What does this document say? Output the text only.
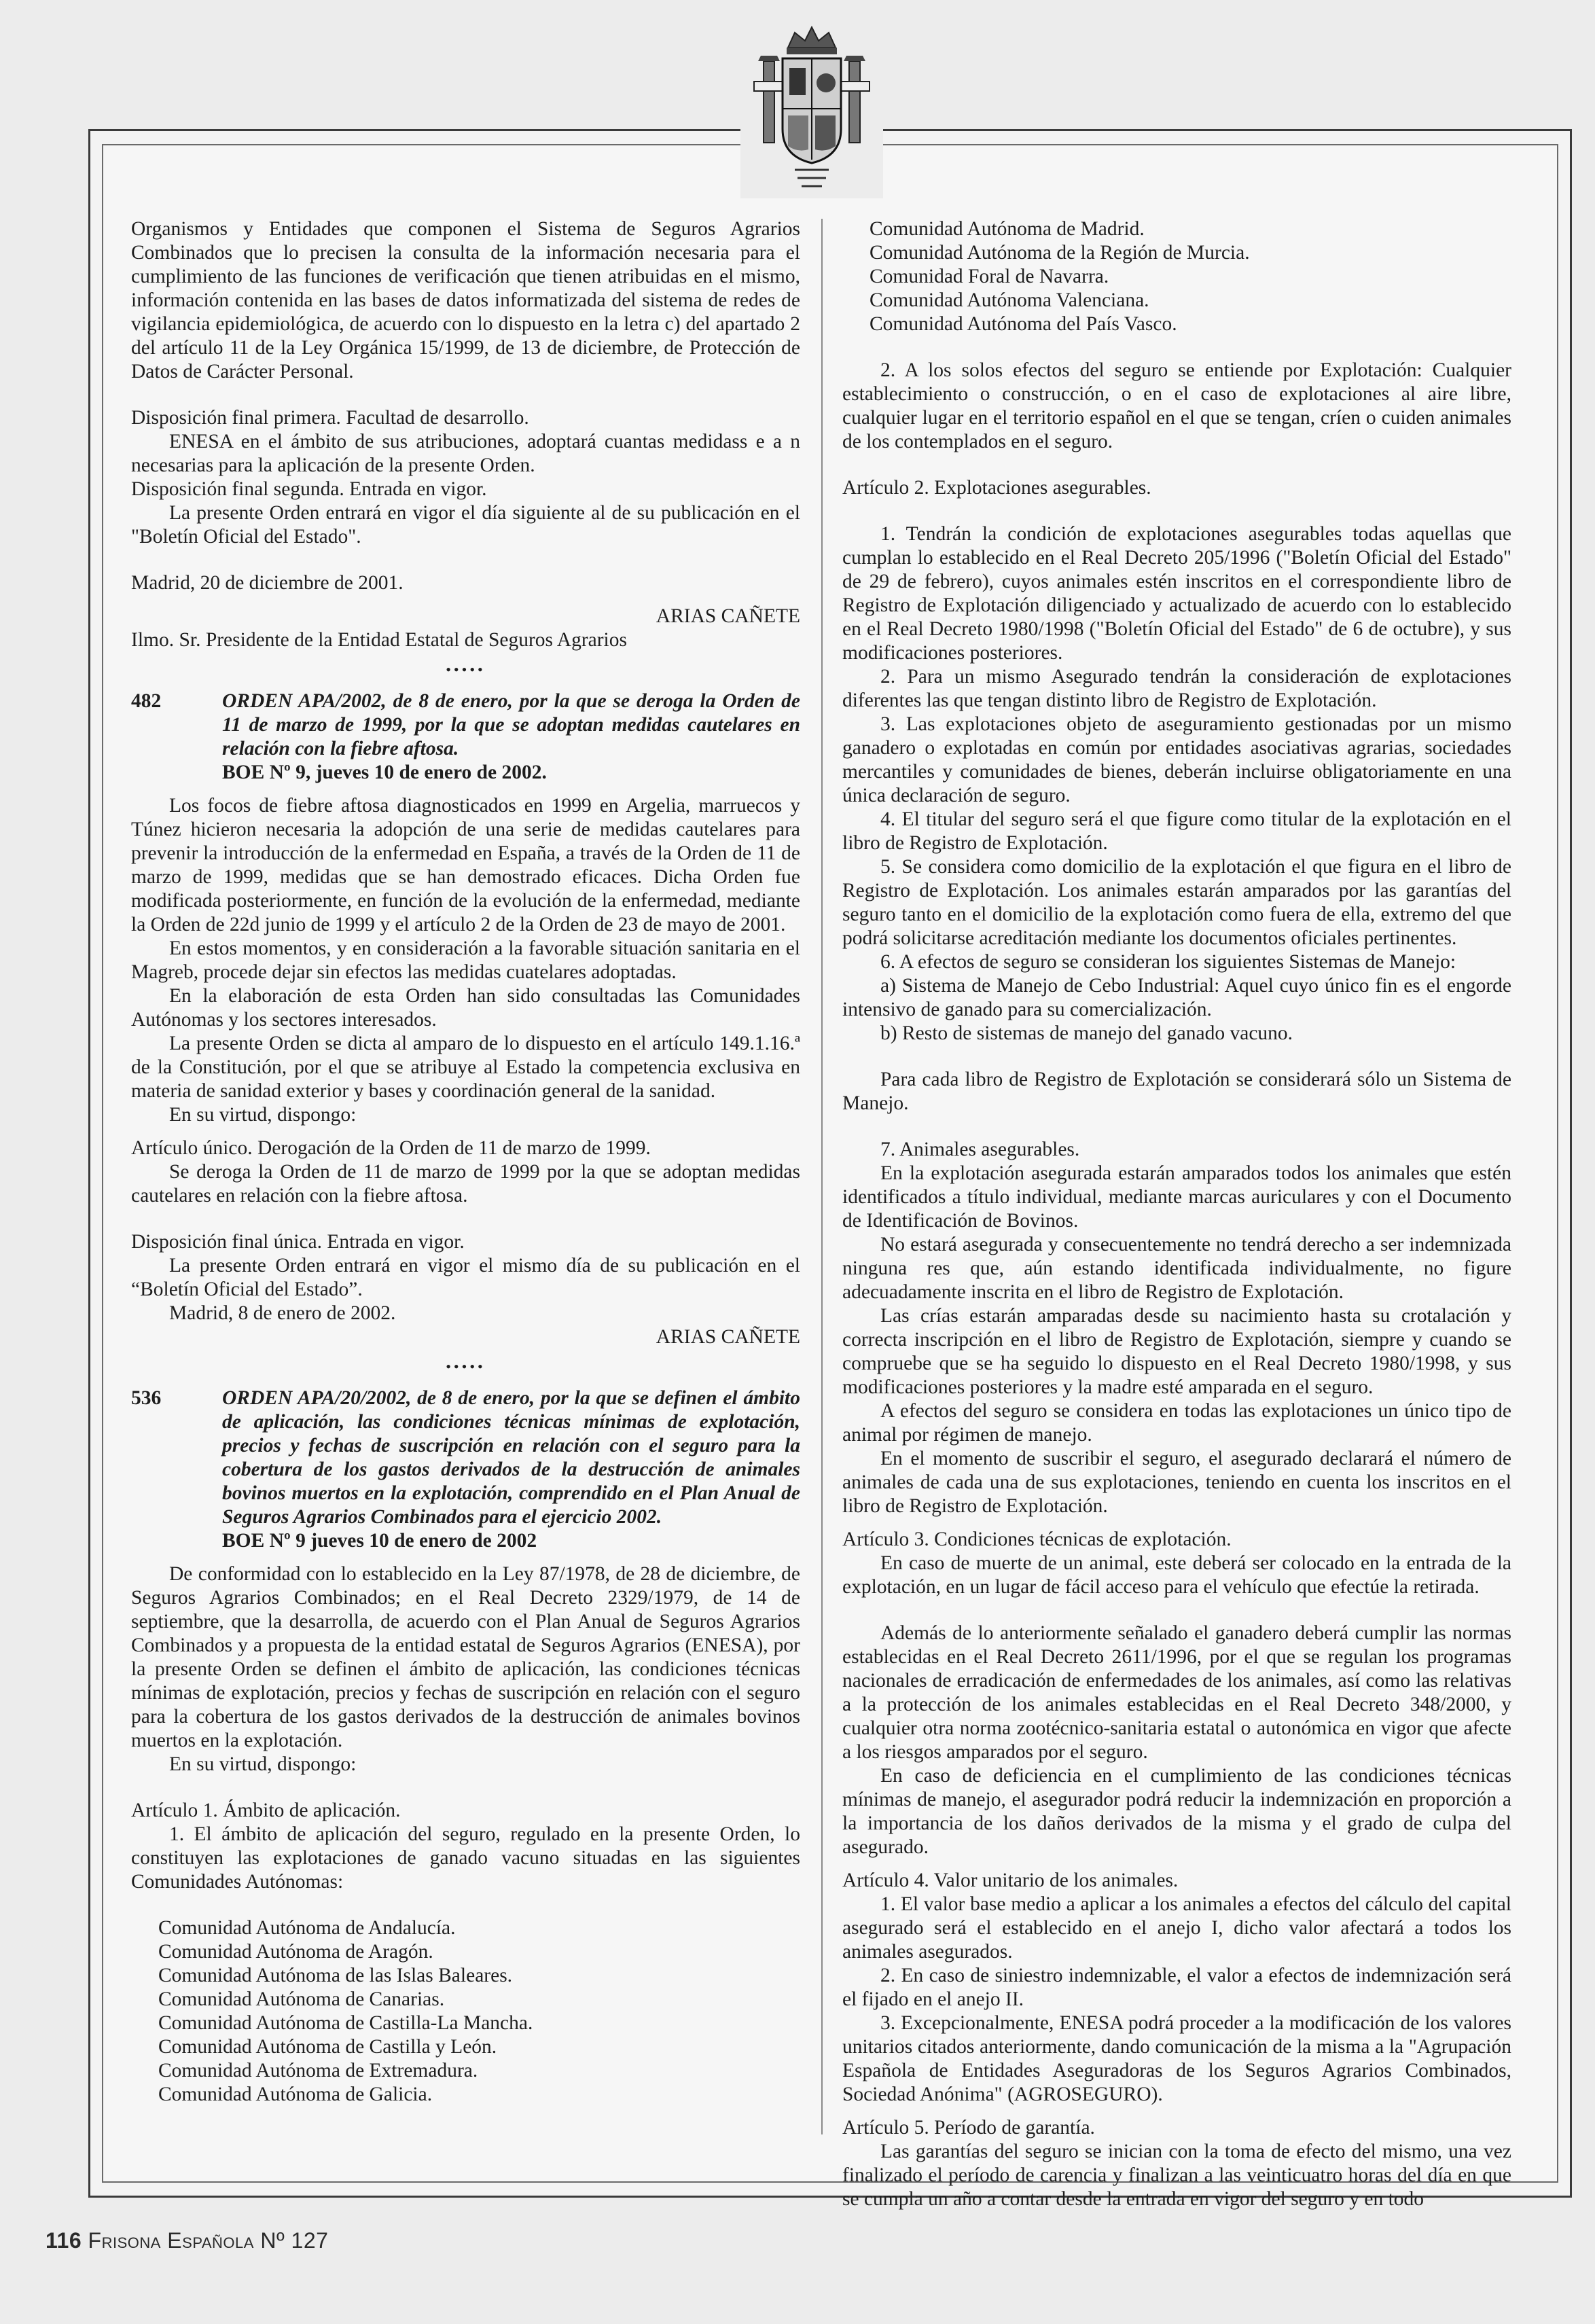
Organismos y Entidades que componen el Sistema de Seguros Agrarios Combinados que lo precisen la consulta de la información necesaria para el cumplimiento de las funciones de verificación que tienen atribuidas en el mismo, información contenida en las bases de datos informatizada del sistema de redes de vigilancia epidemiológica, de acuerdo con lo dispuesto en la letra c) del apartado 2 del artículo 11 de la Ley Orgánica 15/1999, de 13 de diciembre, de Protección de Datos de Carácter Personal.

Disposición final primera. Facultad de desarrollo.

ENESA en el ámbito de sus atribuciones, adoptará cuantas medidass e a n necesarias para la aplicación de la presente Orden.

Disposición final segunda. Entrada en vigor.

La presente Orden entrará en vigor el día siguiente al de su publicación en el "Boletín Oficial del Estado".

Madrid, 20 de diciembre de 2001.

ARIAS CAÑETE

Ilmo. Sr. Presidente de la Entidad Estatal de Seguros Agrarios

•••••

482	ORDEN APA/2002, de 8 de enero, por la que se deroga la Orden de 11 de marzo de 1999, por la que se adoptan medidas cautelares en relación con la fiebre aftosa.

BOE Nº 9, jueves 10 de enero de 2002.

Los focos de fiebre aftosa diagnosticados en 1999 en Argelia, marruecos y Túnez hicieron necesaria la adopción de una serie de medidas cautelares para prevenir la introducción de la enfermedad en España, a través de la Orden de 11 de marzo de 1999, medidas que se han demostrado eficaces. Dicha Orden fue modificada posteriormente, en función de la evolución de la enfermedad, mediante la Orden de 22d junio de 1999 y el artículo 2 de la Orden de 23 de mayo de 2001.

En estos momentos, y en consideración a la favorable situación sanitaria en el Magreb, procede dejar sin efectos las medidas cuatelares adoptadas.

En la elaboración de esta Orden han sido consultadas las Comunidades Autónomas y los sectores interesados.

La presente Orden se dicta al amparo de lo dispuesto en el artículo 149.1.16.ª de la Constitución, por el que se atribuye al Estado la competencia exclusiva en materia de sanidad exterior y bases y coordinación general de la sanidad.

En su virtud, dispongo:

Artículo único. Derogación de la Orden de 11 de marzo de 1999.

Se deroga la Orden de 11 de marzo de 1999 por la que se adoptan medidas cautelares en relación con la fiebre aftosa.

Disposición final única. Entrada en vigor.

La presente Orden entrará en vigor el mismo día de su publicación en el “Boletín Oficial del Estado”.

Madrid, 8 de enero de 2002.

ARIAS CAÑETE

•••••

536	ORDEN APA/20/2002, de 8 de enero, por la que se definen el ámbito de aplicación, las condiciones técnicas mínimas de explotación, precios y fechas de suscripción en relación con el seguro para la cobertura de los gastos derivados de la destrucción de animales bovinos muertos en la explotación, comprendido en el Plan Anual de Seguros Agrarios Combinados para el ejercicio 2002.

BOE Nº 9 jueves 10 de enero de 2002

De conformidad con lo establecido en la Ley 87/1978, de 28 de diciembre, de Seguros Agrarios Combinados; en el Real Decreto 2329/1979, de 14 de septiembre, que la desarrolla, de acuerdo con el Plan Anual de Seguros Agrarios Combinados y a propuesta de la entidad estatal de Seguros Agrarios (ENESA), por la presente Orden se definen el ámbito de aplicación, las condiciones técnicas mínimas de explotación, precios y fechas de suscripción en relación con el seguro para la cobertura de los gastos derivados de la destrucción de animales bovinos muertos en la explotación.

En su virtud, dispongo:

Artículo 1. Ámbito de aplicación.

1. El ámbito de aplicación del seguro, regulado en la presente Orden, lo constituyen las explotaciones de ganado vacuno situadas en las siguientes Comunidades Autónomas:

Comunidad Autónoma de Andalucía.

Comunidad Autónoma de Aragón.

Comunidad Autónoma de las Islas Baleares.

Comunidad Autónoma de Canarias.

Comunidad Autónoma de Castilla-La Mancha.

Comunidad Autónoma de Castilla y León.

Comunidad Autónoma de Extremadura.

Comunidad Autónoma de Galicia.

Comunidad Autónoma de Madrid.

Comunidad Autónoma de la Región de Murcia.

Comunidad Foral de Navarra.

Comunidad Autónoma Valenciana.

Comunidad Autónoma del País Vasco.

2. A los solos efectos del seguro se entiende por Explotación: Cualquier establecimiento o construcción, o en el caso de explotaciones al aire libre, cualquier lugar en el territorio español en el que se tengan, críen o cuiden animales de los contemplados en el seguro.

Artículo 2. Explotaciones asegurables.

1. Tendrán la condición de explotaciones asegurables todas aquellas que cumplan lo establecido en el Real Decreto 205/1996 ("Boletín Oficial del Estado" de 29 de febrero), cuyos animales estén inscritos en el correspondiente libro de Registro de Explotación diligenciado y actualizado de acuerdo con lo establecido en el Real Decreto 1980/1998 ("Boletín Oficial del Estado" de 6 de octubre), y sus modificaciones posteriores.

2. Para un mismo Asegurado tendrán la consideración de explotaciones diferentes las que tengan distinto libro de Registro de Explotación.

3. Las explotaciones objeto de aseguramiento gestionadas por un mismo ganadero o explotadas en común por entidades asociativas agrarias, sociedades mercantiles y comunidades de bienes, deberán incluirse obligatoriamente en una única declaración de seguro.

4. El titular del seguro será el que figure como titular de la explotación en el libro de Registro de Explotación.

5. Se considera como domicilio de la explotación el que figura en el libro de Registro de Explotación. Los animales estarán amparados por las garantías del seguro tanto en el domicilio de la explotación como fuera de ella, extremo del que podrá solicitarse acreditación mediante los documentos oficiales pertinentes.

6. A efectos de seguro se consideran los siguientes Sistemas de Manejo:

a) Sistema de Manejo de Cebo Industrial: Aquel cuyo único fin es el engorde intensivo de ganado para su comercialización.

b) Resto de sistemas de manejo del ganado vacuno.

Para cada libro de Registro de Explotación se considerará sólo un Sistema de Manejo.

7. Animales asegurables.

En la explotación asegurada estarán amparados todos los animales que estén identificados a título individual, mediante marcas auriculares y con el Documento de Identificación de Bovinos.

No estará asegurada y consecuentemente no tendrá derecho a ser indemnizada ninguna res que, aún estando identificada individualmente, no figure adecuadamente inscrita en el libro de Registro de Explotación.

Las crías estarán amparadas desde su nacimiento hasta su crotalación y correcta inscripción en el libro de Registro de Explotación, siempre y cuando se compruebe que se ha seguido lo dispuesto en el Real Decreto 1980/1998, y sus modificaciones posteriores y la madre esté amparada en el seguro.

A efectos del seguro se considera en todas las explotaciones un único tipo de animal por régimen de manejo.

En el momento de suscribir el seguro, el asegurado declarará el número de animales de cada una de sus explotaciones, teniendo en cuenta los inscritos en el libro de Registro de Explotación.

Artículo 3. Condiciones técnicas de explotación.

En caso de muerte de un animal, este deberá ser colocado en la entrada de la explotación, en un lugar de fácil acceso para el vehículo que efectúe la retirada.

Además de lo anteriormente señalado el ganadero deberá cumplir las normas establecidas en el Real Decreto 2611/1996, por el que se regulan los programas nacionales de erradicación de enfermedades de los animales, así como las relativas a la protección de los animales establecidas en el Real Decreto 348/2000, y cualquier otra norma zootécnico-sanitaria estatal o autonómica en vigor que afecte a los riesgos amparados por el seguro.

En caso de deficiencia en el cumplimiento de las condiciones técnicas mínimas de manejo, el asegurador podrá reducir la indemnización en proporción a la importancia de los daños derivados de la misma y el grado de culpa del asegurado.

Artículo 4. Valor unitario de los animales.

1. El valor base medio a aplicar a los animales a efectos del cálculo del capital asegurado será el establecido en el anejo I, dicho valor afectará a todos los animales asegurados.

2. En caso de siniestro indemnizable, el valor a efectos de indemnización será el fijado en el anejo II.

3. Excepcionalmente, ENESA podrá proceder a la modificación de los valores unitarios citados anteriormente, dando comunicación de la misma a la "Agrupación Española de Entidades Aseguradoras de los Seguros Agrarios Combinados, Sociedad Anónima" (AGROSEGURO).

Artículo 5. Período de garantía.

Las garantías del seguro se inician con la toma de efecto del mismo, una vez finalizado el período de carencia y finalizan a las veinticuatro horas del día en que se cumpla un año a contar desde la entrada en vigor del seguro y en todo

116 Frisona Española Nº 127
